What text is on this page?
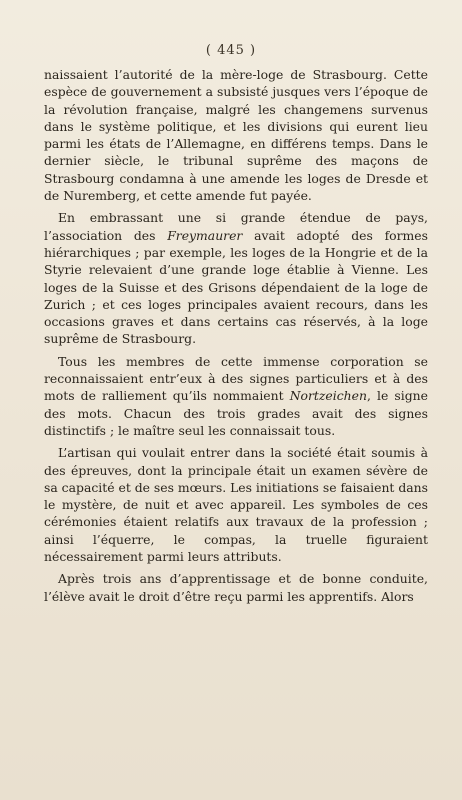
( 445 )

naissaient l’autorité de la mère-loge de Strasbourg. Cette espèce de gouvernement a subsisté jusques vers l’époque de la révolution française, malgré les changemens survenus dans le système politique, et les divisions qui eurent lieu parmi les états de l’Allemagne, en différens temps. Dans le dernier siècle, le tribunal suprême des maçons de Strasbourg condamna à une amende les loges de Dresde et de Nuremberg, et cette amende fut payée.

En embrassant une si grande étendue de pays, l’association des Freymaurer avait adopté des formes hiérarchiques ; par exemple, les loges de la Hongrie et de la Styrie relevaient d’une grande loge établie à Vienne. Les loges de la Suisse et des Grisons dépendaient de la loge de Zurich ; et ces loges principales avaient recours, dans les occasions graves et dans certains cas réservés, à la loge suprême de Strasbourg.

Tous les membres de cette immense corporation se reconnaissaient entr’eux à des signes particuliers et à des mots de ralliement qu’ils nommaient Nortzeichen, le signe des mots. Chacun des trois grades avait des signes distinctifs ; le maître seul les connaissait tous.

L’artisan qui voulait entrer dans la société était soumis à des épreuves, dont la principale était un examen sévère de sa capacité et de ses mœurs. Les initiations se faisaient dans le mystère, de nuit et avec appareil. Les symboles de ces cérémonies étaient relatifs aux travaux de la profession ; ainsi l’équerre, le compas, la truelle figuraient nécessairement parmi leurs attributs.

Après trois ans d’apprentissage et de bonne conduite, l’élève avait le droit d’être reçu parmi les apprentifs. Alors
